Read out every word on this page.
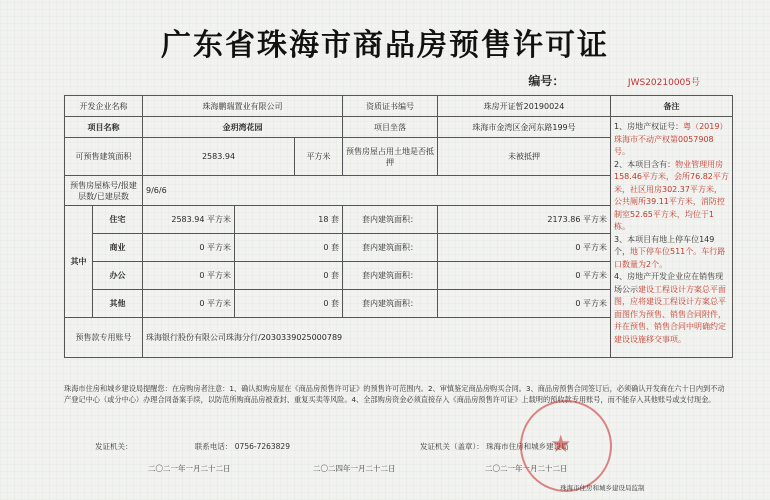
广东省珠海市商品房预售许可证
编号：	JWS20210005号
开发企业名称		珠海鹏瑞置业有限公司			资质证书编号	珠房开证暂20190024	备注
项目名称		金玥湾花园			项目坐落	珠海市金湾区金河东路199号	1、房地产权证号：粤（2019）珠海市不动产权第0057908号。
2、本项目含有：物业管理用房158.46平方米，会所76.82平方米，社区用房302.37平方米，公共厕所39.11平方米，消防控制室52.65平方米，均位于1栋。
3、本项目有地上停车位149个，地下停车位511个。车行路口数量为2个。
4、房地产开发企业应在销售现场公示建设工程设计方案总平面图，应将建设工程设计方案总平面图作为预售、销售合同附件，并在预售、销售合同中明确约定建设设施移交事项。

可预售建筑面积		2583.94		平方米	预售房屋占用土地是否抵押	未被抵押	
预售房屋栋号/报建层数/已建层数		9/6/6					
其中	住宅	2583.94 平方米	18 套		套内建筑面积：	2173.86 平方米	
	商业	0 平方米	0 套		套内建筑面积：	0 平方米	
	办公	0 平方米	0 套		套内建筑面积：	0 平方米	
	其他	0 平方米	0 套		套内建筑面积：	0 平方米	
预售款专用账号		珠海银行股份有限公司珠海分行/2030339025000789					
珠海市住房和城乡建设局提醒您：在房购房者注意：1、确认拟购房屋在《商品房预售许可证》的预售许可范围内。2、审慎鉴定商品房购买合同。3、商品房预售合同签订后，必须确认开发商在六十日内到不动产登记中心（或分中心）办理合同备案手续，以防范所购商品房被查封、重复买卖等风险。4、全部购房资金必须直接存入《商品房预售许可证》上载明的预收款专用账号，而不能存入其他账号或支付现金。
发证机关：	联系电话： 0756-7263829	发证机关（盖章）： 珠海市住房和城乡建设局
二〇二一年一月二十二日	二〇二四年一月二十二日	二〇二一年一月二十二日
★
珠海市住房和城乡建设局监制
